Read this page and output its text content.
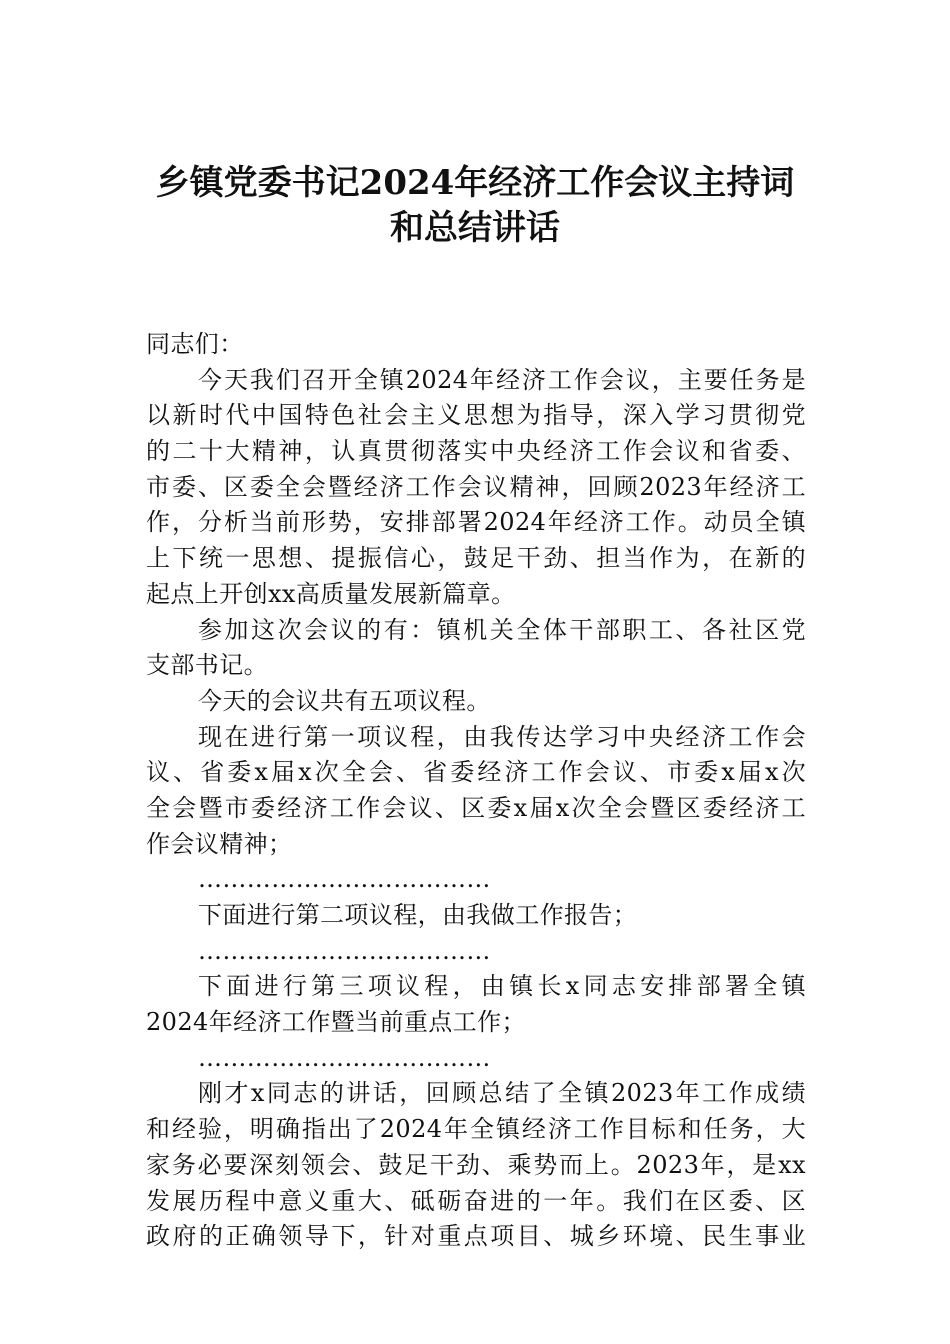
乡镇党委书记2024年经济工作会议主持词
和总结讲话
同志们：
今天我们召开全镇2024年经济工作会议，主要任务是
以新时代中国特色社会主义思想为指导，深入学习贯彻党
的二十大精神，认真贯彻落实中央经济工作会议和省委、
市委、区委全会暨经济工作会议精神，回顾2023年经济工
作，分析当前形势，安排部署2024年经济工作。动员全镇
上下统一思想、提振信心，鼓足干劲、担当作为，在新的
起点上开创xx高质量发展新篇章。
参加这次会议的有：镇机关全体干部职工、各社区党
支部书记。
今天的会议共有五项议程。
现在进行第一项议程，由我传达学习中央经济工作会
议、省委x届x次全会、省委经济工作会议、市委x届x次
全会暨市委经济工作会议、区委x届x次全会暨区委经济工
作会议精神；
………………………………
下面进行第二项议程，由我做工作报告；
………………………………
下面进行第三项议程，由镇长x同志安排部署全镇
2024年经济工作暨当前重点工作；
………………………………
刚才x同志的讲话，回顾总结了全镇2023年工作成绩
和经验，明确指出了2024年全镇经济工作目标和任务，大
家务必要深刻领会、鼓足干劲、乘势而上。2023年，是xx
发展历程中意义重大、砥砺奋进的一年。我们在区委、区
政府的正确领导下，针对重点项目、城乡环境、民生事业
